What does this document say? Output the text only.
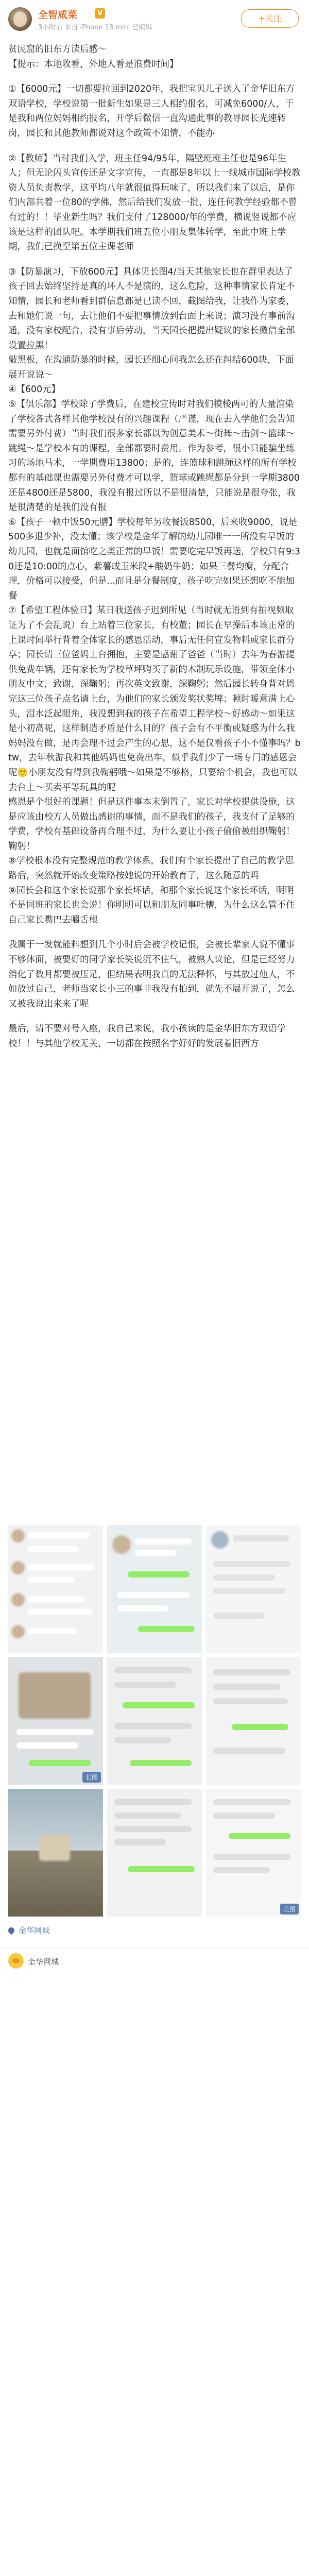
全智咸菜	V
3小时前 来自 iPhone 13 mini 已编辑
+关注

贫民窟的旧东方读后感～

【提示：本地收看，外地人看是浪费时间】

①【6000元】一切都要拉回到2020年，我把宝贝儿子送入了金华旧东方双语学校，学校说第一批新生如果是三人相约报名，可减免6000/人，于是我和两位妈妈相约报名，开学后微信一直沟通此事的教导园长光速转岗，园长和其他教师都说对这个政策不知情，不能办

②【教师】当时我们入学，班主任94/95年，隔壁班班主任也是96年生人；但无论闪头宣传还是文字宣传，一直都是8年以上一线城市国际学校教资人员负责教学，这平均八年就很值得玩味了，所以我们来了以后，是你们内部共着一位80的学佛，然后给我们发放一批，连任何教学经验都不曾有过的！！毕业新生吗？我们支付了128000/年的学费，横说竖说都不应该是这样的团队吧。本学期我们班五位小朋友集体转学，至此中班上学期，我们已换至第五位主课老师

③【防暴演习，下放600元】具体见长图4/当天其他家长也在群里表达了孩子回去始终坚持是真的坏人不是演的，这么危险，这种事情家长肯定不知情，园长和老师看到群信息都是已读不回，截图给我，让我作为家委，去和她们说一句，去让他们不要把事情放到台面上来说；演习没有事前沟通，没有家校配合，没有事后劳动，当天园长把提出疑议的家长微信全部设置拉黑！

敲黑板，在沟通防暴的时候，园长还细心问我怎么还在纠结600块，下面展开说说～

④【600元】

⑤【俱乐部】学校除了学费后，在建校宣传时对我们模棱两可的大量渲染了学校各式各样其他学校没有的兴趣课程（严谨，现在去入学他们会告知需要另外付费）当时我们很多家长都以为创意美术～街舞～击剑～篮球～跳绳～是学校本有的课程，全部都要时费用。作为参考，很小只能骗坐练习的场地马术，一学期费用13800；是的，连篮球和跳绳这样的所有学校都有的基础课也需要另外付费才可以学，篮球或跳绳都是分到一学期3800还是4800还是5800，我没有报过所以不是很清楚，只能说是很夸张，我是很清楚的是我们没有报

⑥【孩子一顿中饭50元膳】学校每年另收餐饭8500，后来收9000，说是500多退少补，没太懂；该学校是金华了解的幼儿园唯一一所没有早饭的幼儿园，也就是面馆吃之类正常的早饭！需要吃完早饭再送，学校只有9:30还是10:00的点心，紫薯或玉米段+酸奶牛奶；如果三餐均衡，分配合理，价格可以接受，但是...而且是分餐制度，孩子吃完如果还想吃不能加餐

⑦【希望工程体验日】某日我送孩子迟到所见（当时就无语到有拍视频取证为了不会乱说）台上站着三位家长，有校董；园长在早操后本该正常的上课时间举行背着全体家长的感恩活动，事后无任何宣发物料或家长群分享；园长请三位爸妈上台拥抱，主要是感谢了爸爸（当时）去年为春游提供免费车辆，还有家长为学校草坪购买了新的木制玩乐设施，带领全体小朋友中文，致谢，深鞠躬；再次英文致谢，深鞠躬；然后园长转身背对恩完这三位孩子点名请上台，为他们的家长颁发奖状奖牌；顿时暖意满上心头，泪水泛起眼角，我没想到我的孩子在希望工程学校～好感动～如果这是小初高呢，这样制造矛盾是什么目的？孩子会有不平衡或疑惑为什么我妈妈没有做，是再会理不过会产生的心思，这不是仅看孩子小不懂事吗？btw，去年秋游我和其他妈妈也免费出车，似乎我们少了一场专门的感恩会呢🙂小朋友没有得到我鞠躬哦～如果是不够格，只要给个机会，我也可以去台上～买卖平等玩具的呢

感恩是个很好的课题！但是这件事本末倒置了，家长对学校提供设施，这是应该由校方人员做出感谢的事情，而不是我们的孩子，我支付了足够的学费，学校有基础设备再合理不过，为什么要让小孩子偷偷被组织鞠躬！鞠躬！

⑧学校根本没有完整规范的教学体系，我们有个家长提出了自己的教学思路后，突然就开始改变策略按她说的开始教育了，这么随意的吗

⑨园长会和这个家长说那个家长坏话，和那个家长说这个家长坏话，明明不是同班的家长也会说！你明明可以和朋友同事吐槽，为什么这么管不住自己家长嘴巴去嚼舌根

我属于一发就能料想到几个小时后会被学校记恨，会被长辈家人说不懂事不够体面，被要好的同学家长笑说沉不住气，被熟人议论，但是已经努力消化了数月都要被压足，但结果表明我真的无法释怀，与其放过他人，不如放过自己，老师当家长小三的事非我没有拍到，就先不展开说了，怎么又被我说出来来了呢

最后，请不要对号入座，我自己来说，我小孩读的是金华旧东方双语学校！！与其他学校无关，一切都在按照名字好好的发展着旧西方

长图
长图
金华网城
金华网城
